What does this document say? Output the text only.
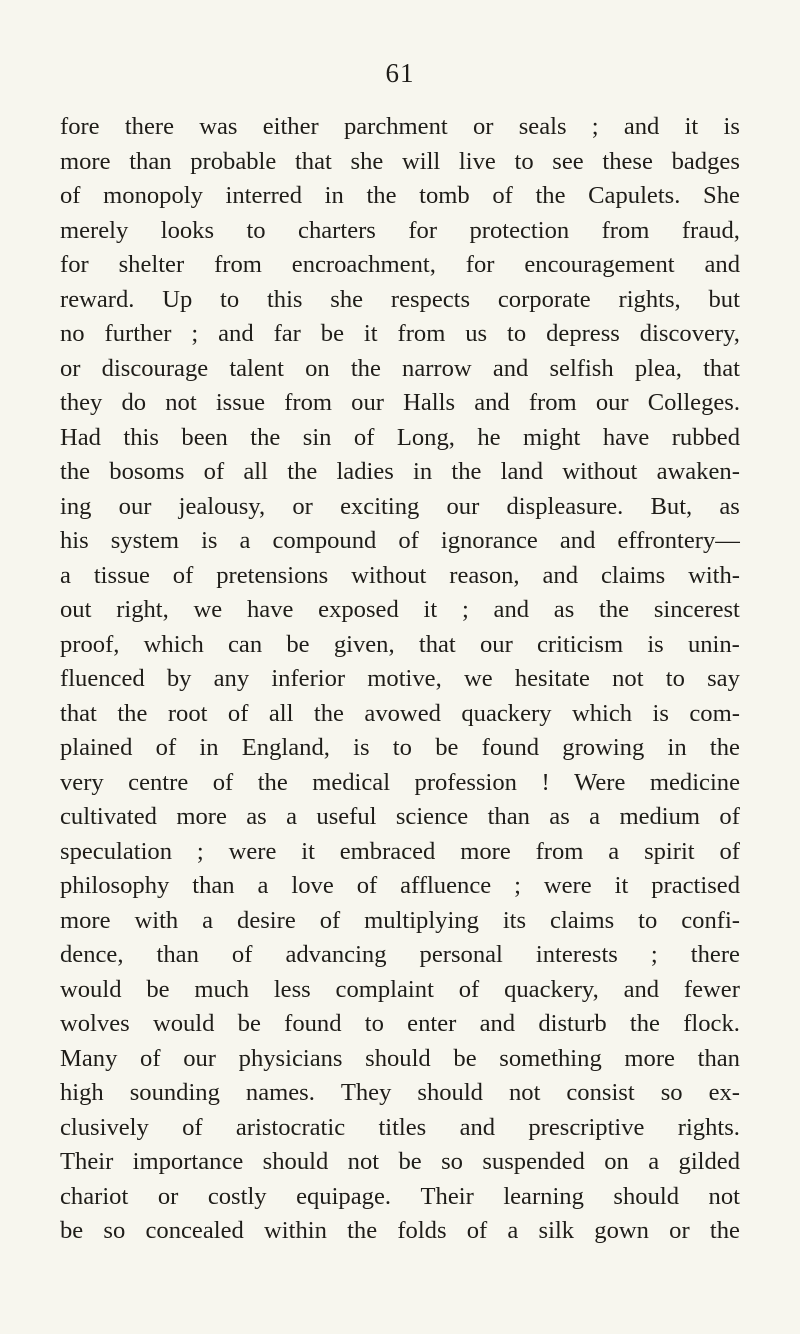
61
fore there was either parchment or seals ; and it is
more than probable that she will live to see these badges
of monopoly interred in the tomb of the Capulets. She
merely looks to charters for protection from fraud,
for shelter from encroachment, for encouragement and
reward. Up to this she respects corporate rights, but
no further ; and far be it from us to depress discovery,
or discourage talent on the narrow and selfish plea, that
they do not issue from our Halls and from our Colleges.
Had this been the sin of Long, he might have rubbed
the bosoms of all the ladies in the land without awaken-
ing our jealousy, or exciting our displeasure. But, as
his system is a compound of ignorance and effrontery—
a tissue of pretensions without reason, and claims with-
out right, we have exposed it ; and as the sincerest
proof, which can be given, that our criticism is unin-
fluenced by any inferior motive, we hesitate not to say
that the root of all the avowed quackery which is com-
plained of in England, is to be found growing in the
very centre of the medical profession ! Were medicine
cultivated more as a useful science than as a medium of
speculation ; were it embraced more from a spirit of
philosophy than a love of affluence ; were it practised
more with a desire of multiplying its claims to confi-
dence, than of advancing personal interests ; there
would be much less complaint of quackery, and fewer
wolves would be found to enter and disturb the flock.
Many of our physicians should be something more than
high sounding names. They should not consist so ex-
clusively of aristocratic titles and prescriptive rights.
Their importance should not be so suspended on a gilded
chariot or costly equipage. Their learning should not
be so concealed within the folds of a silk gown or the
